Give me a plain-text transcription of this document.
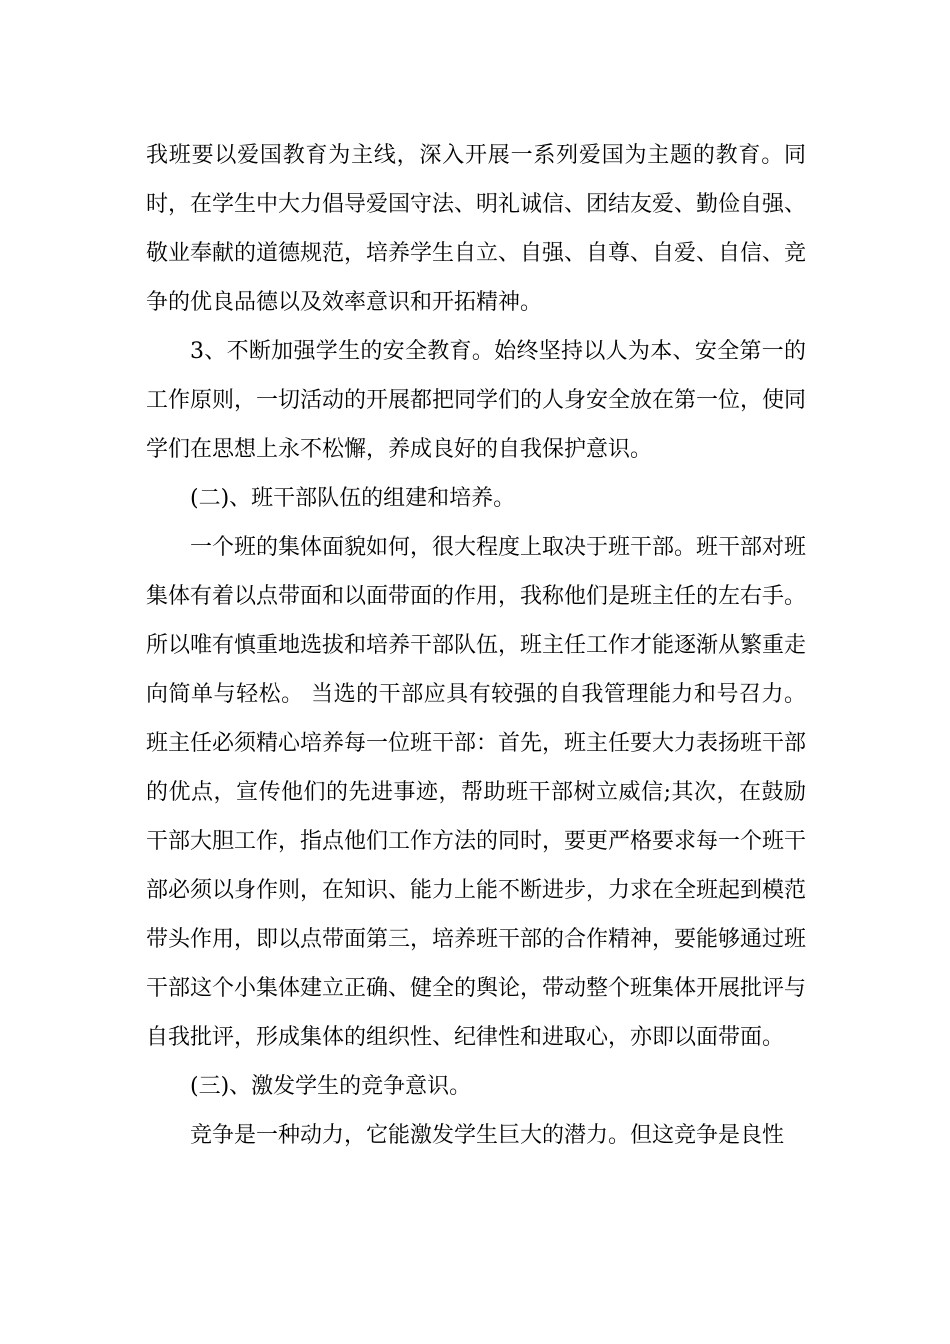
我班要以爱国教育为主线，深入开展一系列爱国为主题的教育。同时，在学生中大力倡导爱国守法、明礼诚信、团结友爱、勤俭自强、敬业奉献的道德规范，培养学生自立、自强、自尊、自爱、自信、竞争的优良品德以及效率意识和开拓精神。

3、不断加强学生的安全教育。始终坚持以人为本、安全第一的工作原则，一切活动的开展都把同学们的人身安全放在第一位，使同学们在思想上永不松懈，养成良好的自我保护意识。

(二)、班干部队伍的组建和培养。

一个班的集体面貌如何，很大程度上取决于班干部。班干部对班集体有着以点带面和以面带面的作用，我称他们是班主任的左右手。所以唯有慎重地选拔和培养干部队伍，班主任工作才能逐渐从繁重走向简单与轻松。 当选的干部应具有较强的自我管理能力和号召力。班主任必须精心培养每一位班干部：首先，班主任要大力表扬班干部的优点，宣传他们的先进事迹，帮助班干部树立威信;其次，在鼓励干部大胆工作，指点他们工作方法的同时，要更严格要求每一个班干部必须以身作则，在知识、能力上能不断进步，力求在全班起到模范带头作用，即以点带面第三，培养班干部的合作精神，要能够通过班干部这个小集体建立正确、健全的舆论，带动整个班集体开展批评与自我批评，形成集体的组织性、纪律性和进取心，亦即以面带面。

(三)、激发学生的竞争意识。

竞争是一种动力，它能激发学生巨大的潜力。但这竞争是良性
